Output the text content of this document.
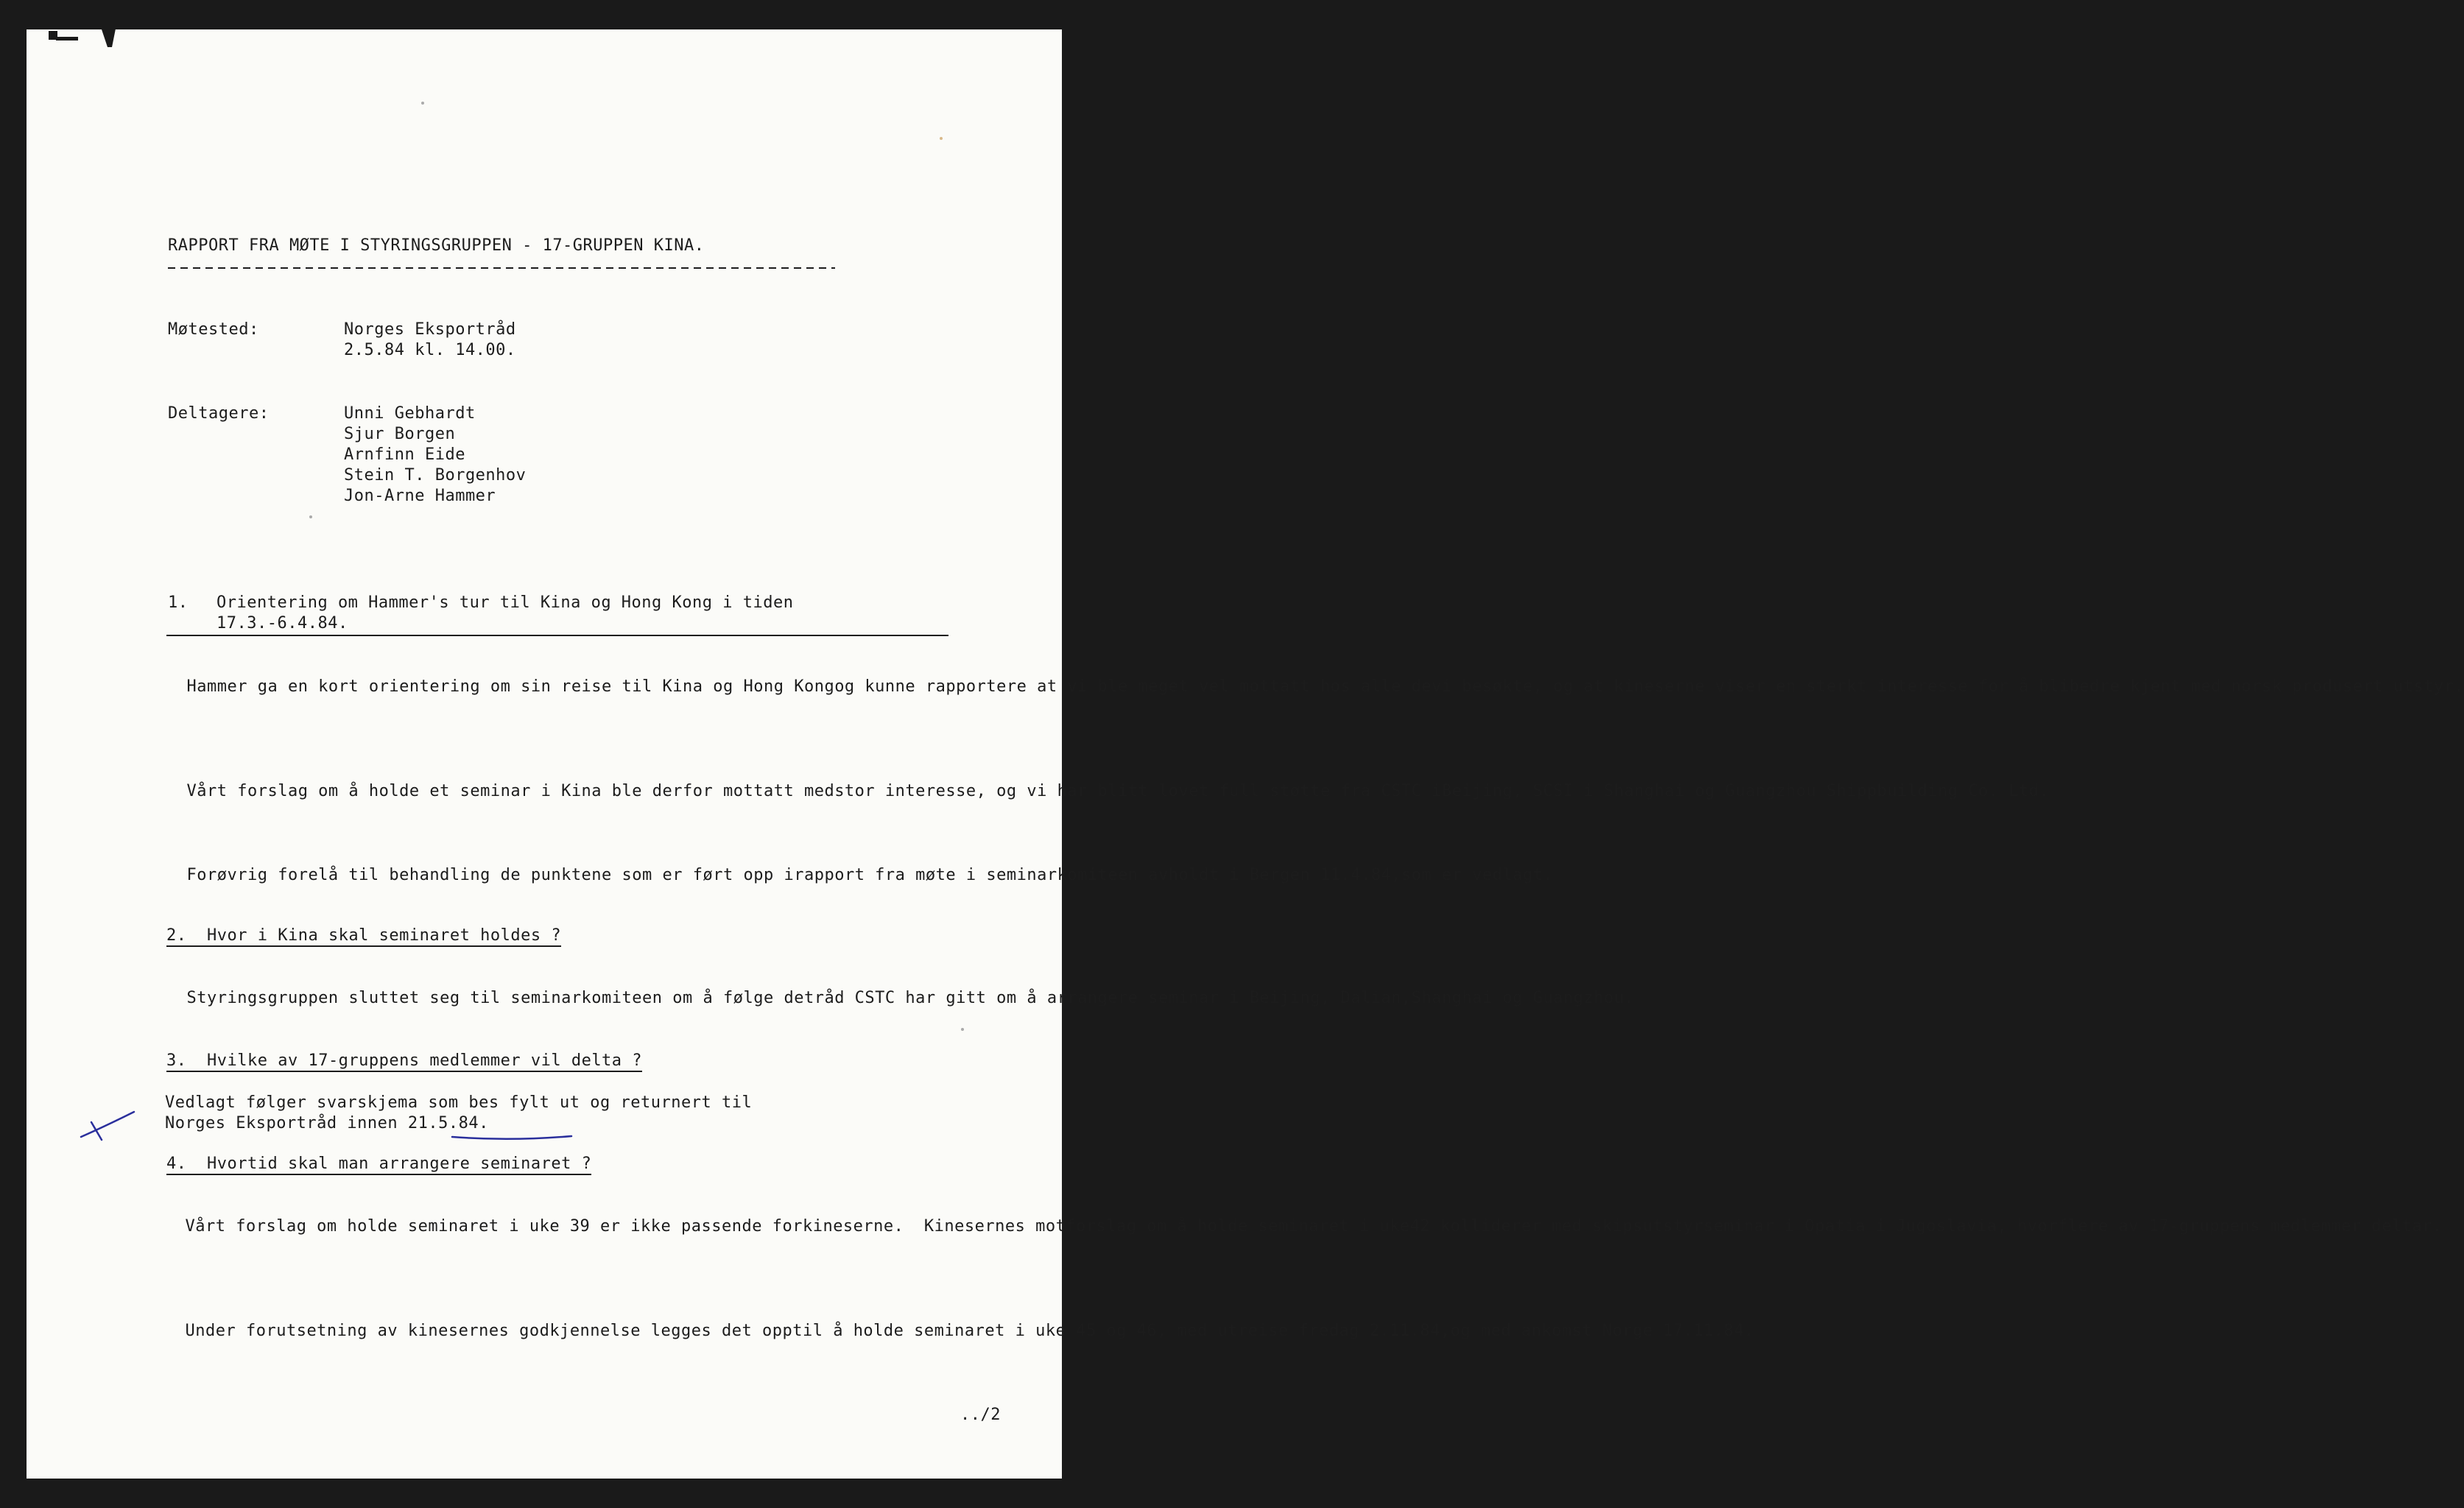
RAPPORT FRA MØTE I STYRINGSGRUPPEN - 17-GRUPPEN KINA.
Møtested:	Norges Eksportråd
2.5.84 kl. 14.00.
Deltagere:	Unni Gebhardt
Sjur Borgen
Arnfinn Eide
Stein T. Borgenhov
Jon-Arne Hammer
1. Orientering om Hammer's tur til Kina og Hong Kong i tiden
17.3.-6.4.84.

Hammer ga en kort orientering om sin reise til Kina og Hong Kongog kunne rapportere at vi ble meget vel mottatt hos alle devi besøkte, og at kineserne viser en sterkt interesse for å blibedre kjent med norsk produsert utstyr.

Vårt forslag om å holde et seminar i Kina ble derfor mottatt medstor interesse, og vi har blitt lovet full støtte fra CSTC iBeijing, SCSI i Shanghai og Guangzhou Shippbuilding Co. Ltd.

Forøvrig forelå til behandling de punktene som er ført opp irapport fra møte i seminarkomiteen avholdt i Bergen 11.4.84,som er vedlagt.

2. Hvor i Kina skal seminaret holdes ?

Styringsgruppen sluttet seg til seminarkomiteen om å følge detråd CSTC har gitt om å arrangere seminar i Beijing, Dalian,Shanghai og Guangzhou.

3. Hvilke av 17-gruppens medlemmer vil delta ?
Vedlagt følger svarskjema som bes fylt ut og returnert til
Norges Eksportråd innen 21.5.84.
4. Hvortid skal man arrangere seminaret ?

Vårt forslag om holde seminaret i uke 39 er ikke passende forkineserne.  Kinesernes motforslag om å holde seminaret i uke42 kolliderer med skipsutstyrseminar i Opatia i Jugoslavia, hvorflere av 17-gruppens medlemmer deltar.

Under forutsetning av kinesernes godkjennelse legges det opptil å holde seminaret i uke 45 og 46, med utreise fredag 2.11.84,og med ankomst Norge 17.11.84.

../2
